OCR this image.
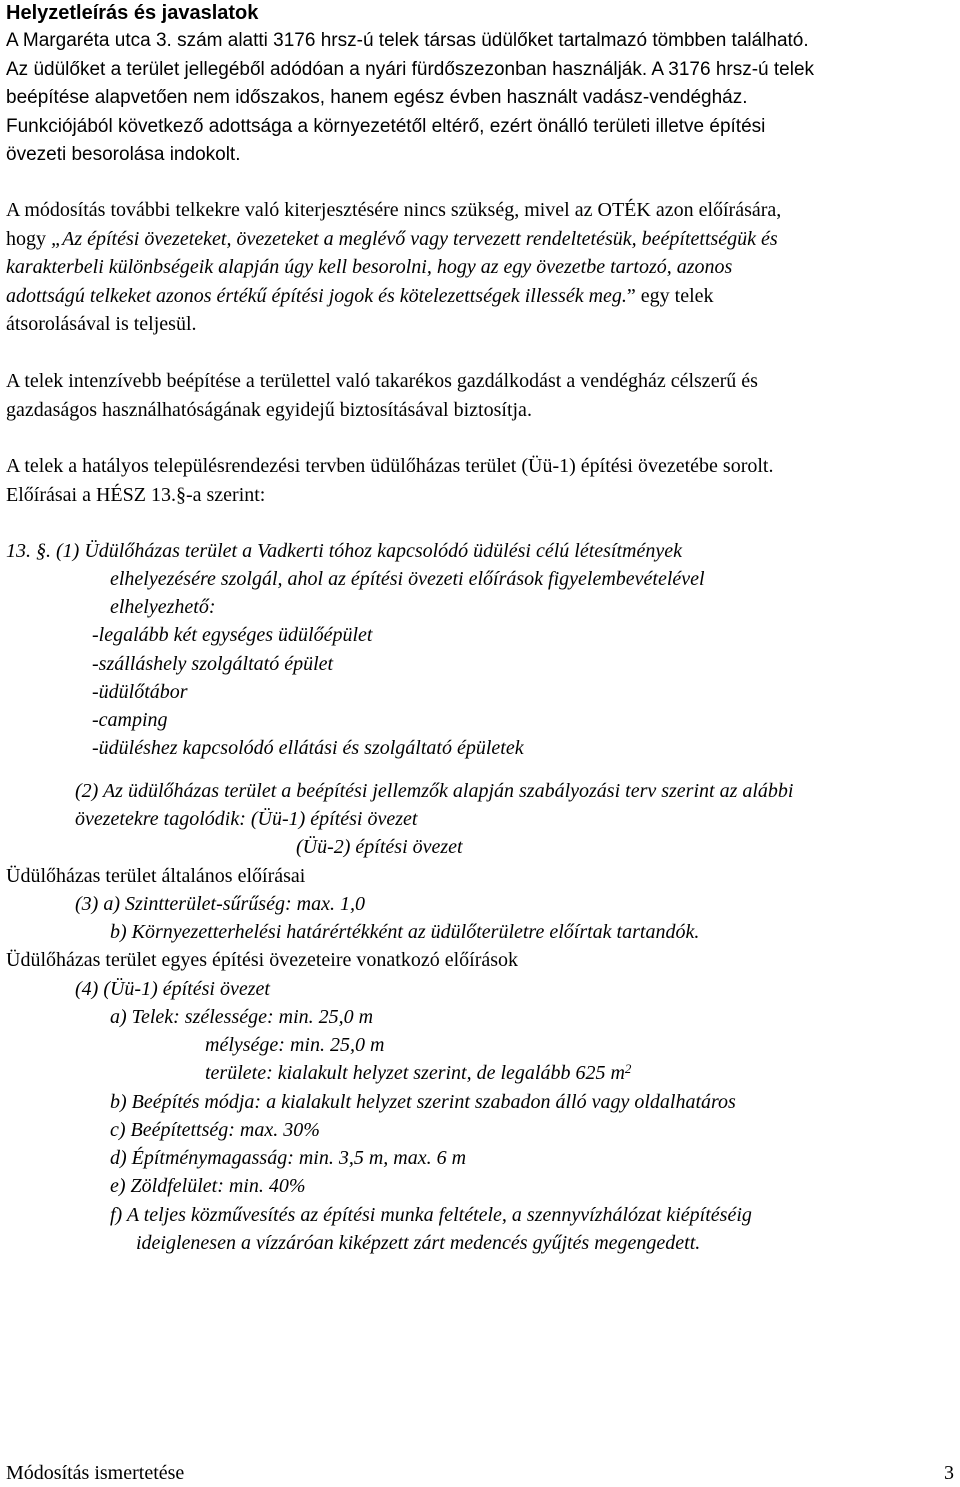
Helyzetleírás és javaslatok
A Margaréta utca 3. szám alatti 3176 hrsz-ú telek társas üdülőket tartalmazó tömbben található.
Az üdülőket a terület jellegéből adódóan a nyári fürdőszezonban használják. A 3176 hrsz-ú telek
beépítése alapvetően nem időszakos, hanem egész évben használt vadász-vendégház.
Funkciójából következő adottsága a környezetétől eltérő, ezért önálló területi illetve építési
övezeti besorolása indokolt.
A módosítás további telkekre való kiterjesztésére nincs szükség, mivel az OTÉK azon előírására,
hogy „Az építési övezeteket, övezeteket a meglévő vagy tervezett rendeltetésük, beépítettségük és
karakterbeli különbségeik alapján úgy kell besorolni, hogy az egy övezetbe tartozó, azonos
adottságú telkeket azonos értékű építési jogok és kötelezettségek illessék meg.” egy telek
átsorolásával is teljesül.
A telek intenzívebb beépítése a területtel való takarékos gazdálkodást a vendégház célszerű és
gazdaságos használhatóságának egyidejű biztosításával biztosítja.
A telek a hatályos településrendezési tervben üdülőházas terület (Üü-1) építési övezetébe sorolt.
Előírásai a HÉSZ 13.§-a szerint:
13. §. (1) Üdülőházas terület a Vadkerti tóhoz kapcsolódó üdülési célú létesítmények
elhelyezésére szolgál, ahol az építési övezeti előírások figyelembevételével
elhelyezhető:
-legalább két egységes üdülőépület
-szálláshely szolgáltató épület
-üdülőtábor
-camping
-üdüléshez kapcsolódó ellátási és szolgáltató épületek
(2) Az üdülőházas terület a beépítési jellemzők alapján szabályozási terv szerint az alábbi
övezetekre tagolódik: (Üü-1) építési övezet
(Üü-2) építési övezet
Üdülőházas terület általános előírásai
(3) a) Szintterület-sűrűség: max. 1,0
b) Környezetterhelési határértékként az üdülőterületre előírtak tartandók.
Üdülőházas terület egyes építési övezeteire vonatkozó előírások
(4) (Üü-1) építési övezet
a) Telek: szélessége: min. 25,0 m
mélysége: min. 25,0 m
területe: kialakult helyzet szerint, de legalább 625 $m^2$
b) Beépítés módja: a kialakult helyzet szerint szabadon álló vagy oldalhatáros
c) Beépítettség: max. 30%
d) Építménymagasság: min. 3,5 m, max. 6 m
e) Zöldfelület: min. 40%
f) A teljes közművesítés az építési munka feltétele, a szennyvízhálózat kiépítéséig
ideiglenesen a vízzáróan kiképzett zárt medencés gyűjtés megengedett.
Módosítás ismertetése	3
